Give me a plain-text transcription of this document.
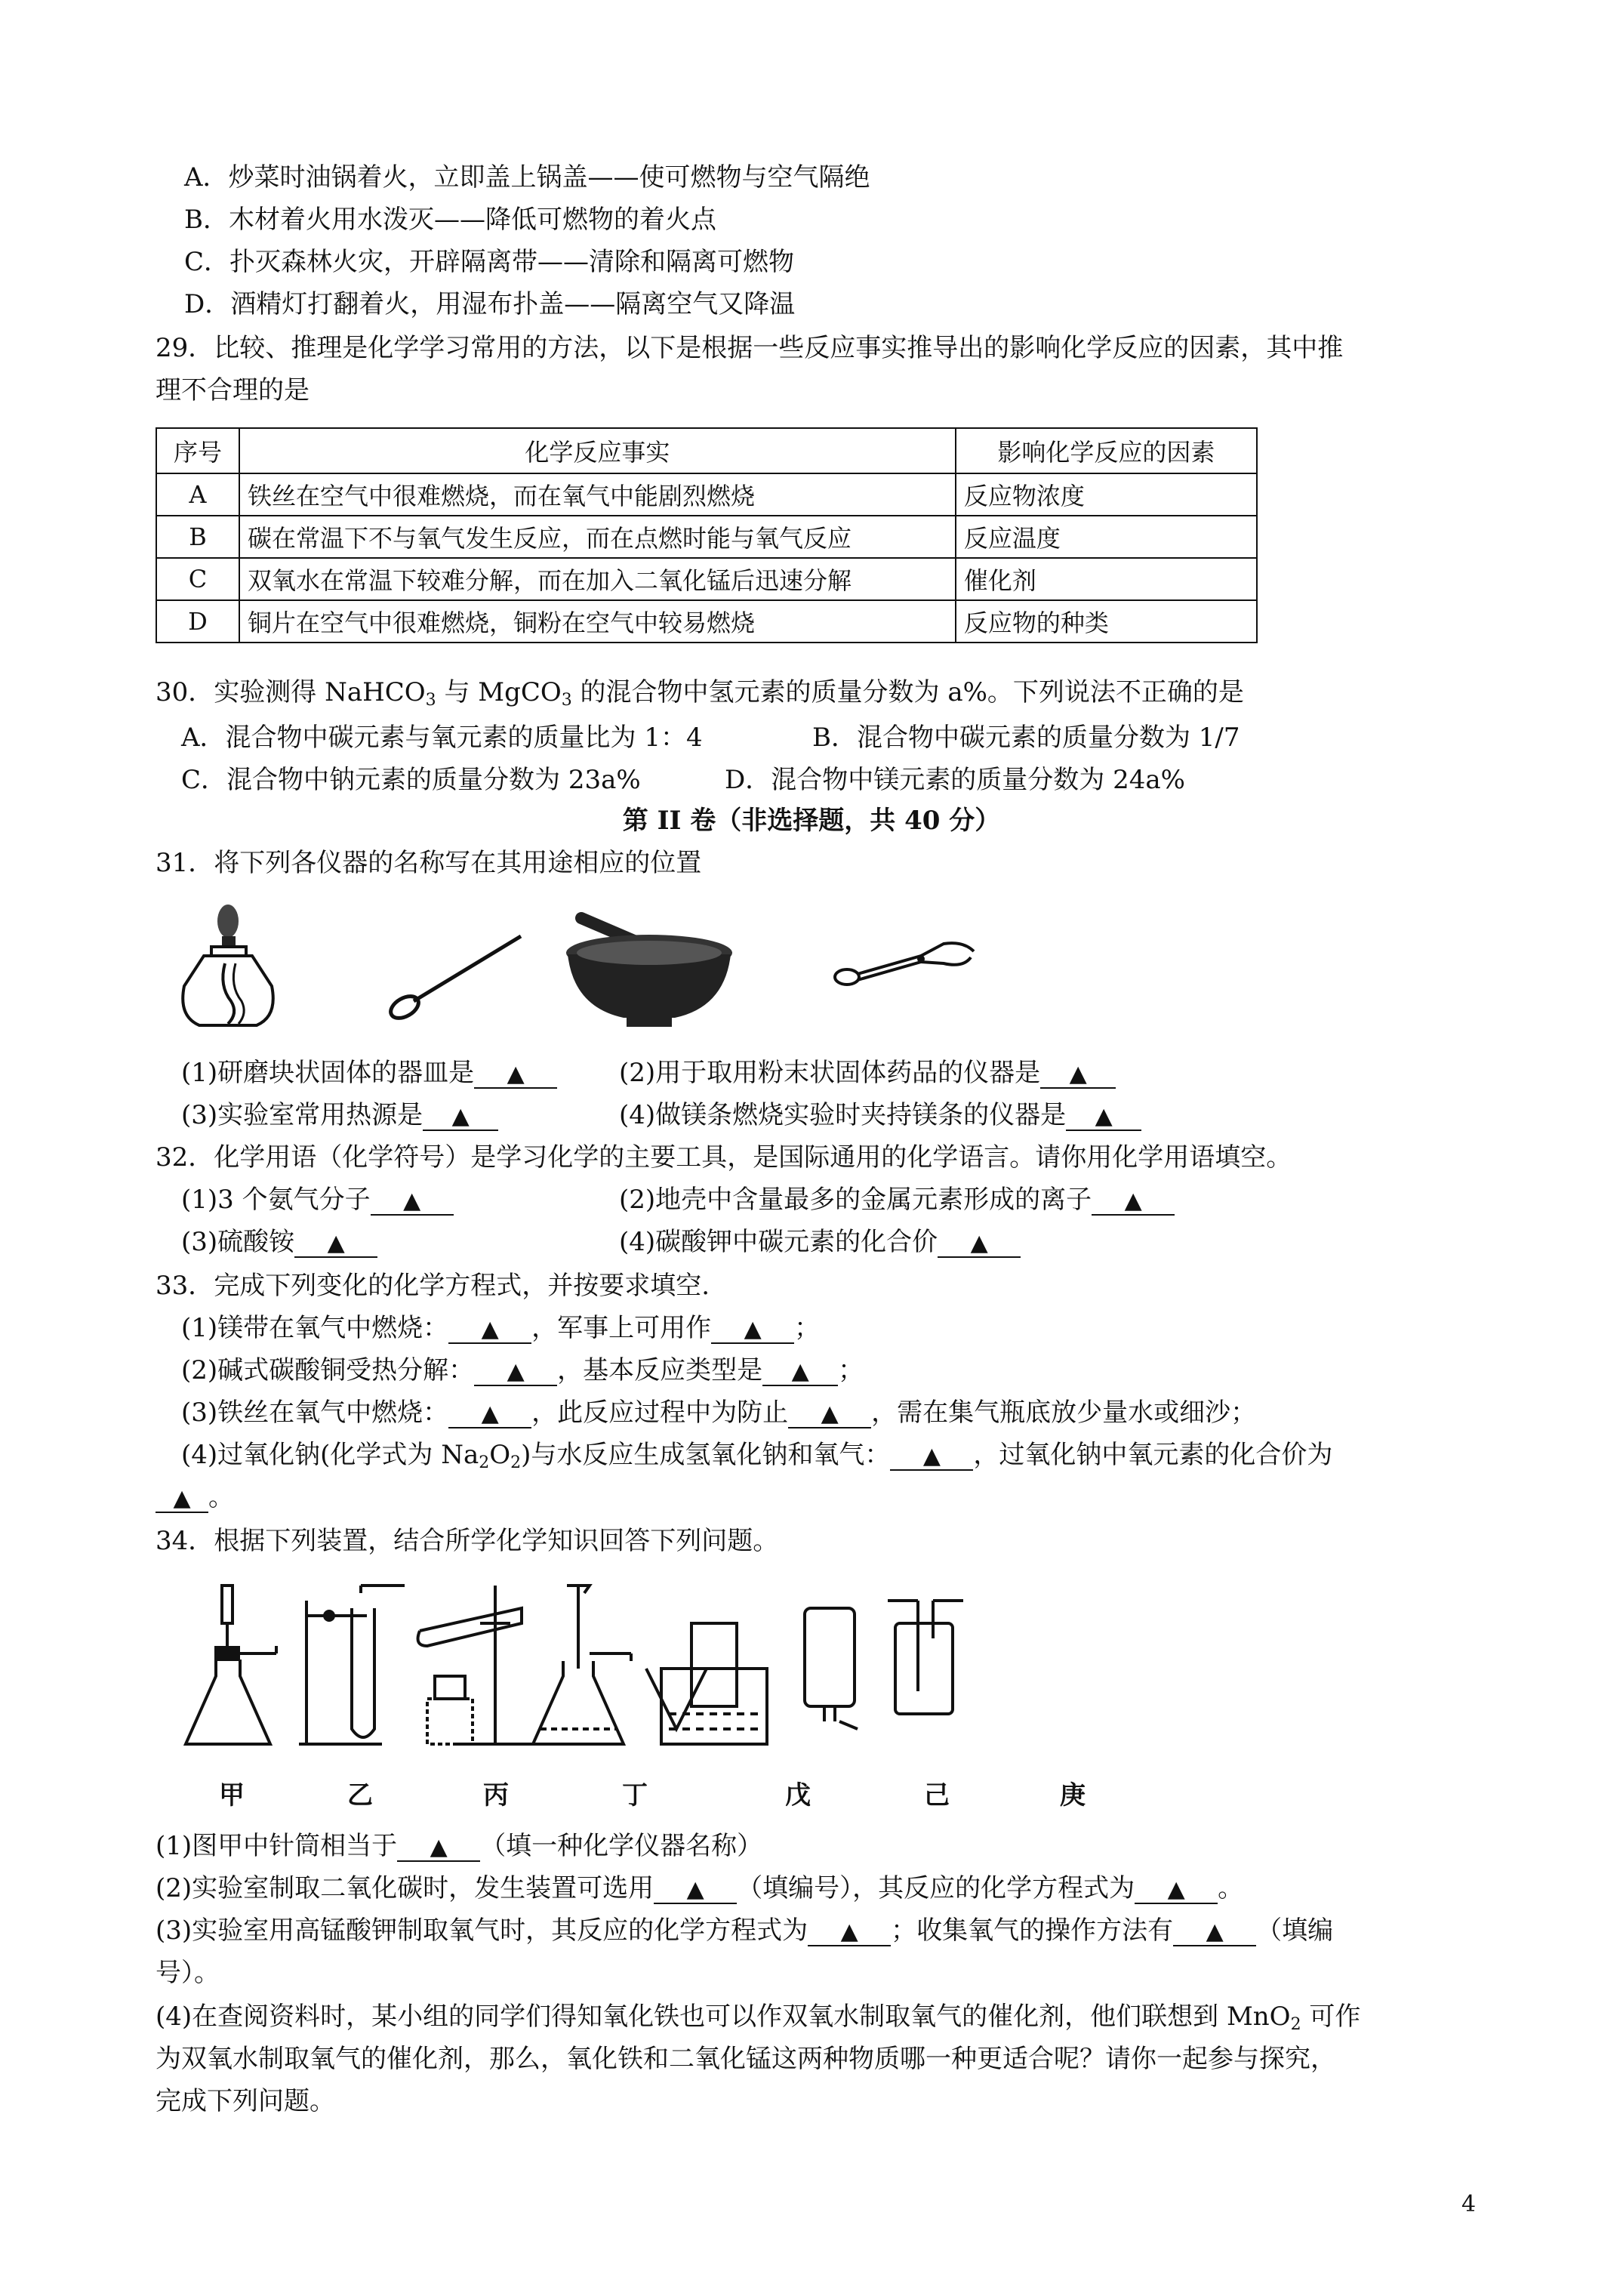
A．炒菜时油锅着火，立即盖上锅盖——使可燃物与空气隔绝
B．木材着火用水泼灭——降低可燃物的着火点
C．扑灭森林火灾，开辟隔离带——清除和隔离可燃物
D．酒精灯打翻着火，用湿布扑盖——隔离空气又降温
29．比较、推理是化学学习常用的方法，以下是根据一些反应事实推导出的影响化学反应的因素，其中推
理不合理的是
序号	化学反应事实	影响化学反应的因素
A	铁丝在空气中很难燃烧，而在氧气中能剧烈燃烧	反应物浓度
B	碳在常温下不与氧气发生反应，而在点燃时能与氧气反应	反应温度
C	双氧水在常温下较难分解，而在加入二氧化锰后迅速分解	催化剂
D	铜片在空气中很难燃烧，铜粉在空气中较易燃烧	反应物的种类
30．实验测得 NaHCO$_3$ 与 MgCO$_3$ 的混合物中氢元素的质量分数为 a%。下列说法不正确的是
A．混合物中碳元素与氧元素的质量比为 1：4	B．混合物中碳元素的质量分数为 1/7
C．混合物中钠元素的质量分数为 23a%	D．混合物中镁元素的质量分数为 24a%
第 II 卷（非选择题，共 40 分）
31．将下列各仪器的名称写在其用途相应的位置
(1)研磨块状固体的器皿是 ▲	(2)用于取用粉末状固体药品的仪器是 ▲
(3)实验室常用热源是 ▲	(4)做镁条燃烧实验时夹持镁条的仪器是 ▲
32．化学用语（化学符号）是学习化学的主要工具，是国际通用的化学语言。请你用化学用语填空。
(1)3 个氨气分子 ▲	(2)地壳中含量最多的金属元素形成的离子 ▲
(3)硫酸铵 ▲	(4)碳酸钾中碳元素的化合价 ▲
33．完成下列变化的化学方程式，并按要求填空.
(1)镁带在氧气中燃烧： ▲ ，军事上可用作 ▲ ；
(2)碱式碳酸铜受热分解： ▲ ，基本反应类型是 ▲ ；
(3)铁丝在氧气中燃烧： ▲ ，此反应过程中为防止 ▲ ，需在集气瓶底放少量水或细沙；
(4)过氧化钠(化学式为 $Na_2O_2$)与水反应生成氢氧化钠和氧气： ▲ ，过氧化钠中氧元素的化合价为
▲ 。
34．根据下列装置，结合所学化学知识回答下列问题。
甲	乙	丙	丁	戊	己	庚
(1)图甲中针筒相当于 ▲ （填一种化学仪器名称）
(2)实验室制取二氧化碳时，发生装置可选用 ▲ （填编号），其反应的化学方程式为 ▲ 。
(3)实验室用高锰酸钾制取氧气时，其反应的化学方程式为 ▲ ；收集氧气的操作方法有 ▲ （填编
号）。
(4)在查阅资料时，某小组的同学们得知氧化铁也可以作双氧水制取氧气的催化剂，他们联想到 MnO$_2$ 可作
为双氧水制取氧气的催化剂，那么，氧化铁和二氧化锰这两种物质哪一种更适合呢？请你一起参与探究，
完成下列问题。
4
